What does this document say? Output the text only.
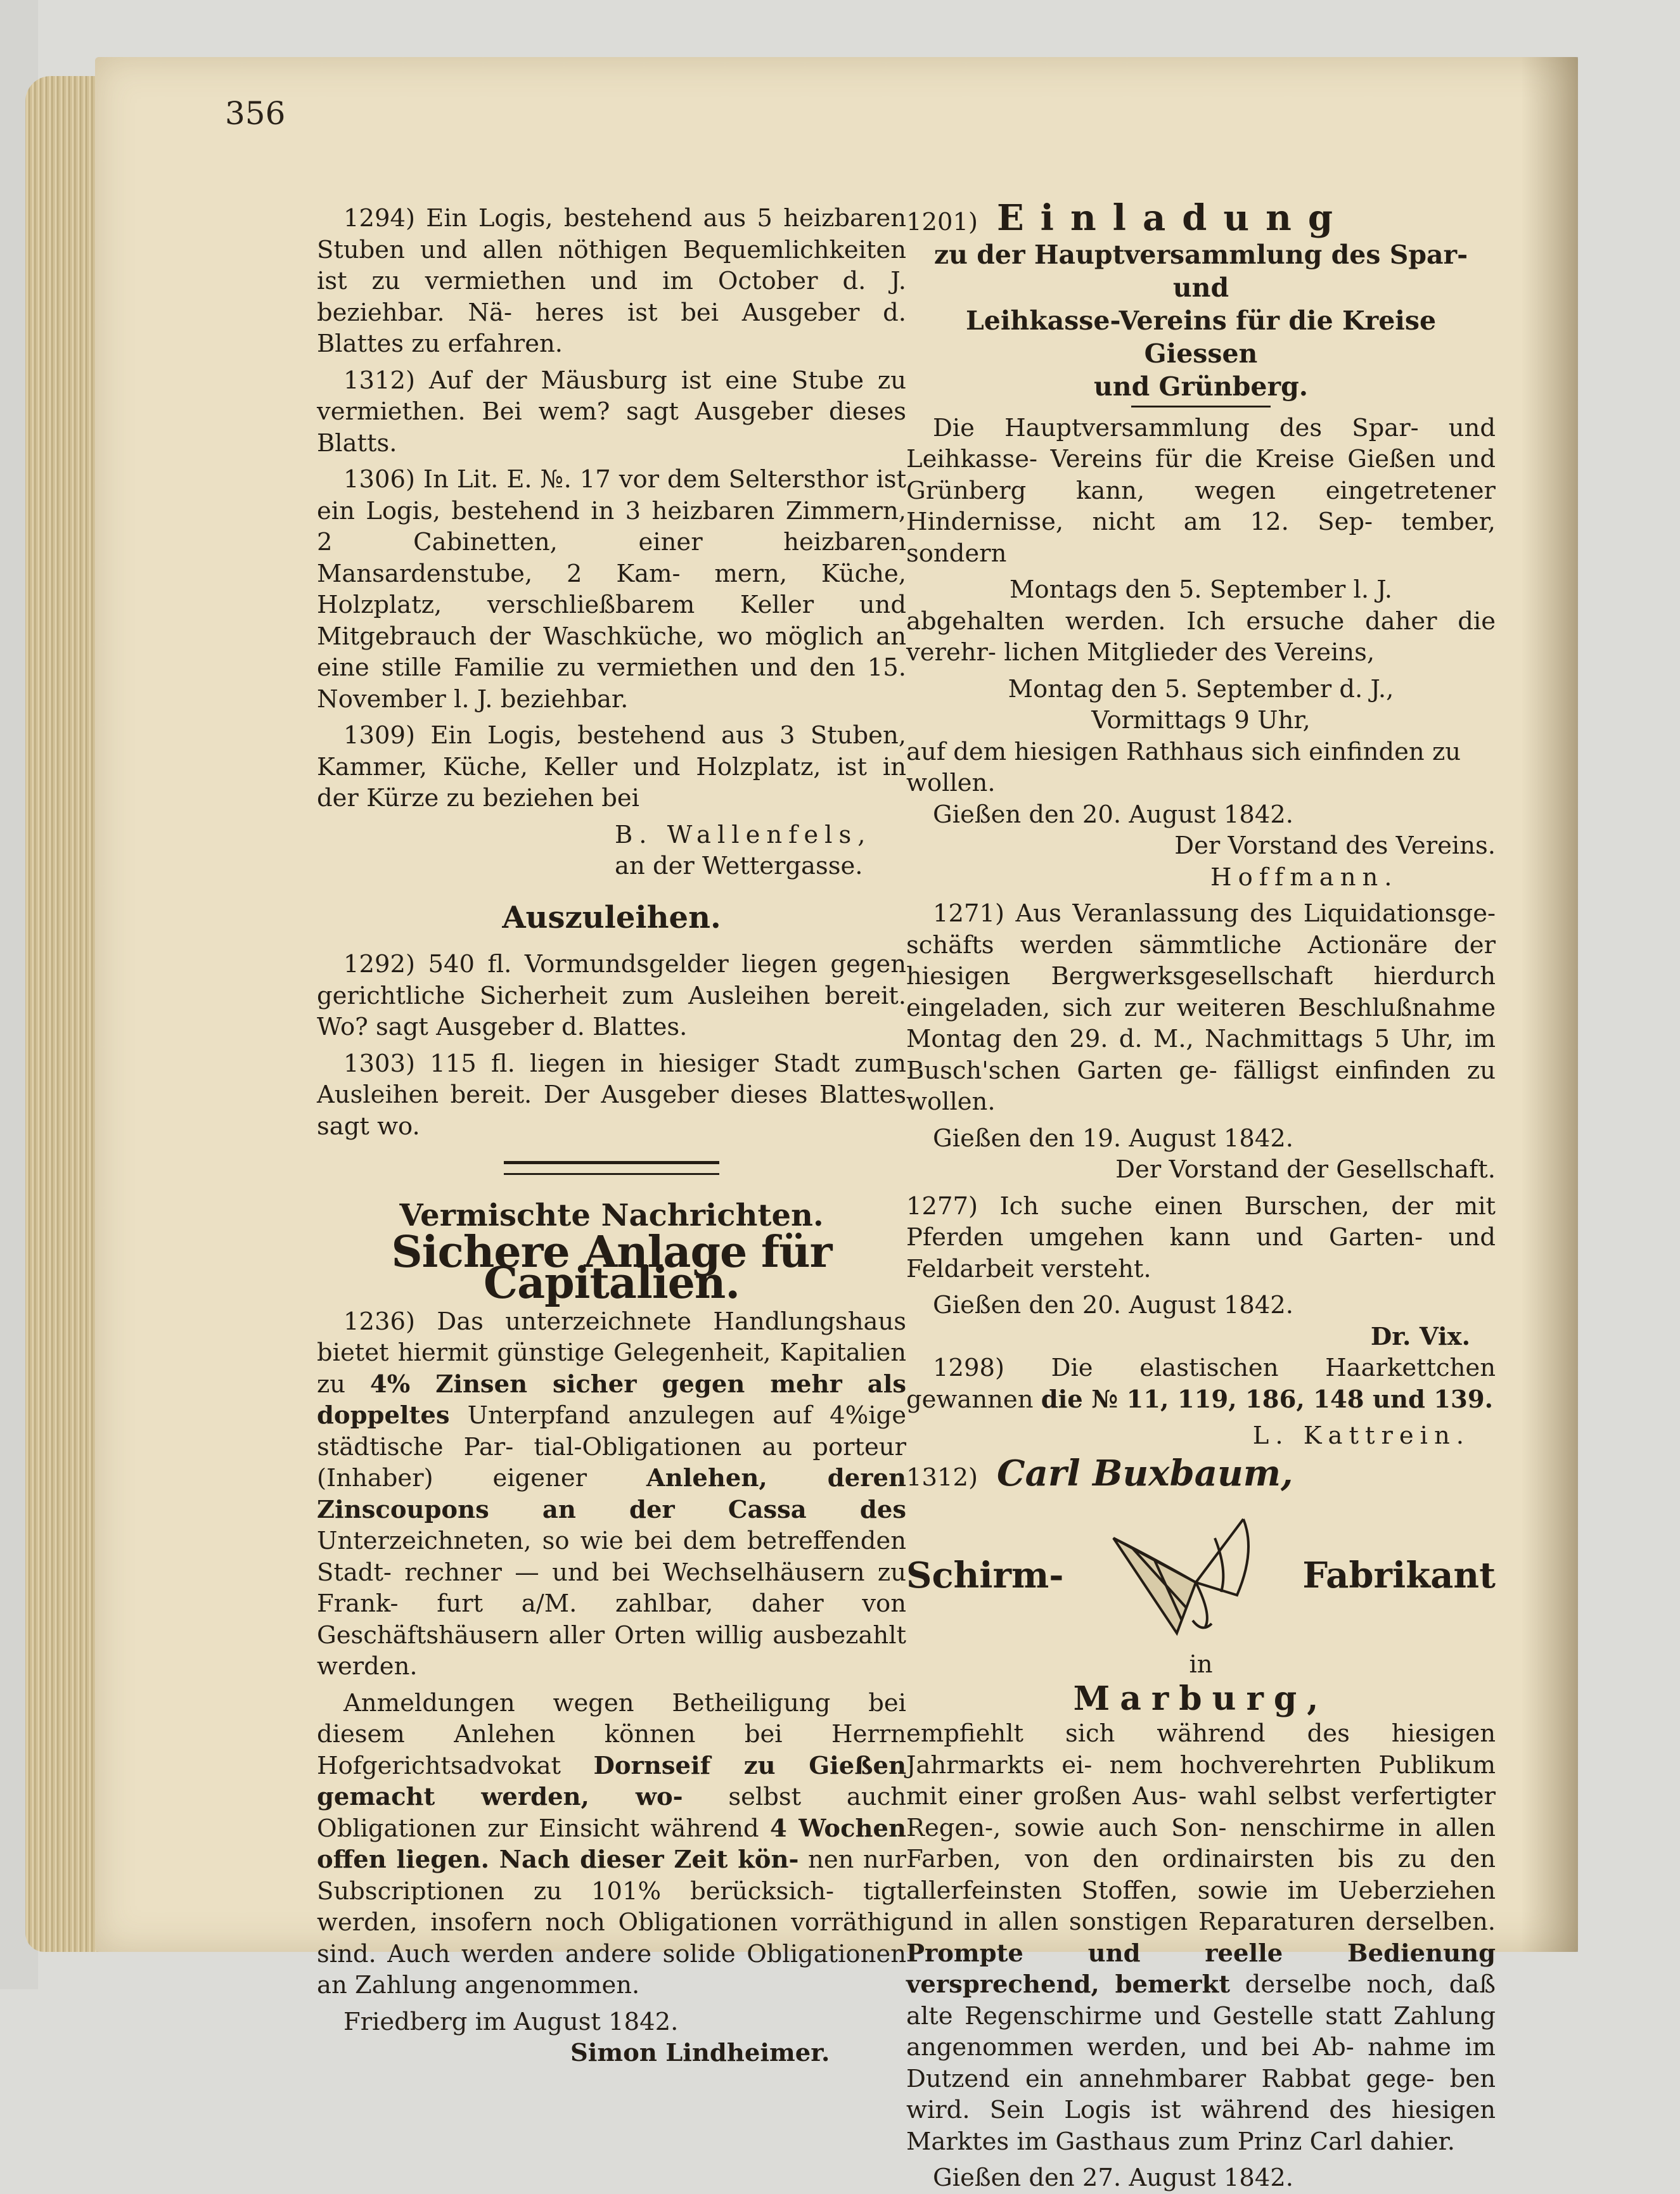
356

1294) Ein Logis, bestehend aus 5 heizbaren Stuben und allen nöthigen Bequemlichkeiten ist zu vermiethen und im October d. J. beziehbar. Nä- heres ist bei Ausgeber d. Blattes zu erfahren.

1312) Auf der Mäusburg ist eine Stube zu vermiethen. Bei wem? sagt Ausgeber dieses Blatts.

1306) In Lit. E. №. 17 vor dem Seltersthor ist ein Logis, bestehend in 3 heizbaren Zimmern, 2	Cabinetten, einer heizbaren Mansardenstube, 2 Kam- mern, Küche, Holzplatz, verschließbarem Keller und Mitgebrauch der Waschküche, wo möglich an eine stille Familie zu vermiethen und den 15. November l. J. beziehbar.

1309) Ein Logis, bestehend aus 3 Stuben, Kammer, Küche, Keller und Holzplatz, ist in der Kürze zu beziehen bei

B. Wallenfels,
an der Wettergasse.
Auszuleihen.

1292) 540 fl. Vormundsgelder liegen gegen gerichtliche Sicherheit zum Ausleihen bereit. Wo? sagt Ausgeber d. Blattes.

1303) 115 fl. liegen in hiesiger Stadt zum Ausleihen bereit. Der Ausgeber dieses Blattes sagt wo.

Vermischte Nachrichten.
Sichere Anlage für Capitalien.

1236) Das unterzeichnete Handlungshaus bietet hiermit günstige Gelegenheit, Kapitalien zu 4% Zinsen sicher gegen mehr als doppeltes Unterpfand anzulegen auf 4%ige städtische Par- tial-Obligationen au porteur (Inhaber) eigener Anlehen, deren Zinscoupons an der Cassa des Unterzeichneten, so wie bei dem betreffenden Stadt- rechner — und bei Wechselhäusern zu Frank- furt a/M. zahlbar, daher von Geschäftshäusern aller Orten willig ausbezahlt werden.

Anmeldungen wegen Betheiligung bei diesem Anlehen können bei Herrn Hofgerichtsadvokat Dornseif zu Gießen gemacht werden, wo- selbst auch Obligationen zur Einsicht während 4 Wochen offen liegen. Nach dieser Zeit kön- nen nur Subscriptionen zu 101% berücksich- tigt werden, insofern noch Obligationen vorräthig sind. Auch werden andere solide Obligationen an Zahlung angenommen.

Friedberg im August 1842.
Simon Lindheimer.
1201) Einladung
zu der Hauptversammlung des Spar- und
Leihkasse-Vereins für die Kreise Giessen
und Grünberg.

Die Hauptversammlung des Spar- und Leihkasse- Vereins für die Kreise Gießen und Grünberg kann, wegen eingetretener Hindernisse, nicht am 12. Sep- tember, sondern

Montags den 5. September l. J.

abgehalten werden. Ich ersuche daher die verehr- lichen Mitglieder des Vereins,

Montag den 5. September d. J.,
Vormittags 9 Uhr,
auf dem hiesigen Rathhaus sich einfinden zu wollen.
Gießen den 20. August 1842.
Der Vorstand des Vereins.
Hoffmann.

1271) Aus Veranlassung des Liquidationsge- schäfts werden sämmtliche Actionäre der hiesigen Bergwerksgesellschaft hierdurch eingeladen, sich zur weiteren Beschlußnahme Montag den 29. d. M., Nachmittags 5 Uhr, im Busch'schen Garten ge- fälligst einfinden zu wollen.

Gießen den 19. August 1842.
Der Vorstand der Gesellschaft.

1277) Ich suche einen Burschen, der mit Pferden umgehen kann und Garten- und Feldarbeit versteht.

Gießen den 20. August 1842.
Dr. Vix.

1298) Die elastischen Haarkettchen gewannen die № 11, 119, 186, 148 und 139.

L. Kattrein.
1312) Carl Buxbaum,
Schirm-	Fabrikant
in
Marburg,

empfiehlt sich während des hiesigen Jahrmarkts ei- nem hochverehrten Publikum mit einer großen Aus- wahl selbst verfertigter Regen-, sowie auch Son- nenschirme in allen Farben, von den ordinairsten bis zu den allerfeinsten Stoffen, sowie im Ueberziehen und in allen sonstigen Reparaturen derselben. Prompte und reelle Bedienung versprechend, bemerkt derselbe noch, daß alte Regenschirme und Gestelle statt Zahlung angenommen werden, und bei Ab- nahme im Dutzend ein annehmbarer Rabbat gege- ben wird. Sein Logis ist während des hiesigen Marktes im Gasthaus zum Prinz Carl dahier.

Gießen den 27. August 1842.
